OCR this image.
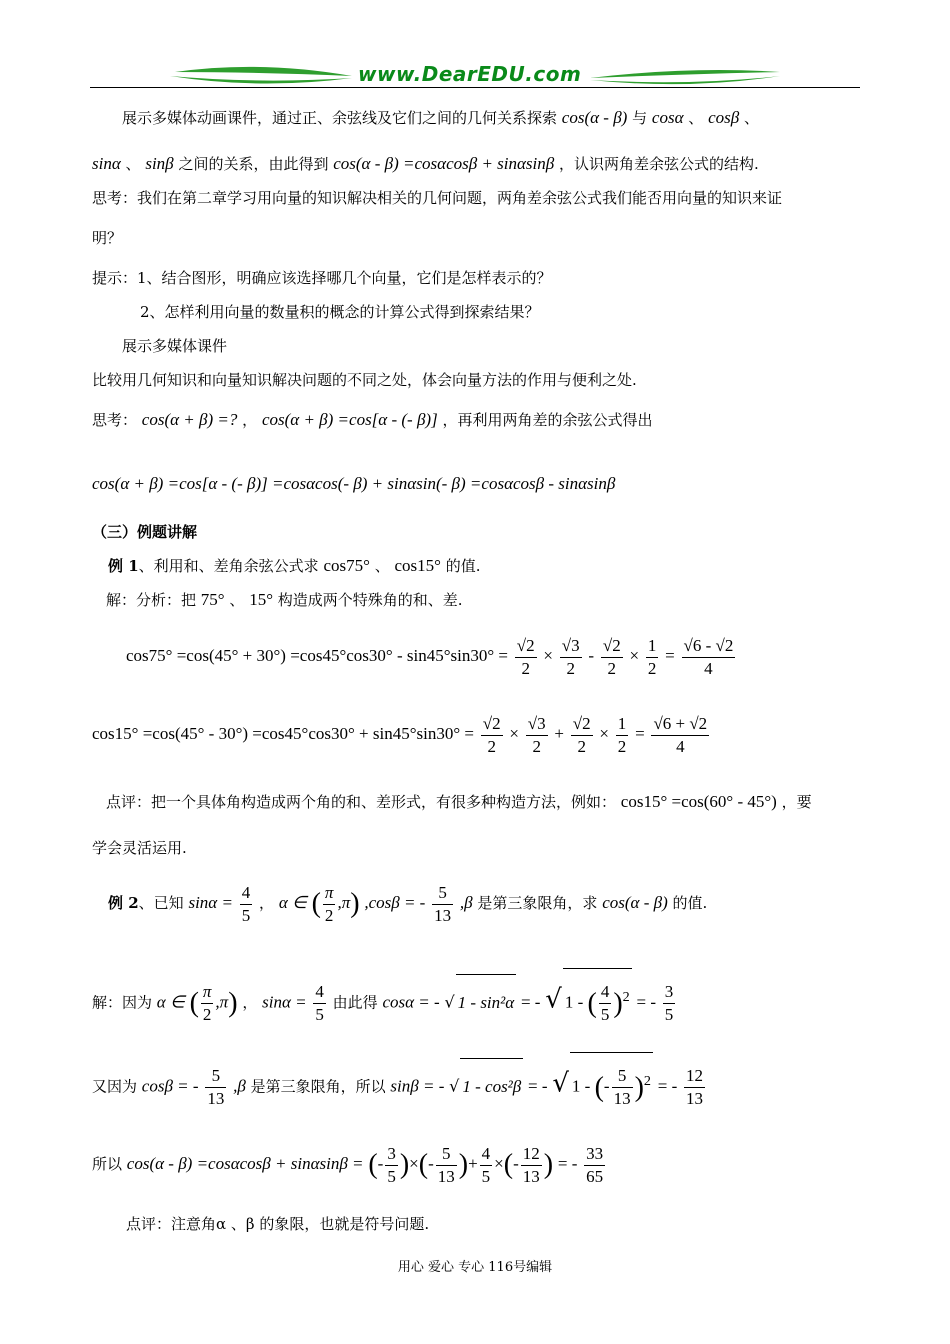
www.DearEDU.com
展示多媒体动画课件，通过正、余弦线及它们之间的几何关系探索 cos(α - β) 与 cosα 、 cosβ 、
sinα 、 sinβ 之间的关系，由此得到 cos(α - β) =cosαcosβ + sinαsinβ ，认识两角差余弦公式的结构.
思考：我们在第二章学习用向量的知识解决相关的几何问题，两角差余弦公式我们能否用向量的知识来证
明？
提示：1、结合图形，明确应该选择哪几个向量，它们是怎样表示的？
2、怎样利用向量的数量积的概念的计算公式得到探索结果？
展示多媒体课件
比较用几何知识和向量知识解决问题的不同之处，体会向量方法的作用与便利之处.
思考： cos(α + β) =? ， cos(α + β) =cos[α - (- β)] ，再利用两角差的余弦公式得出
cos(α + β) =cos[α - (- β)] =cosαcos(- β) + sinαsin(- β) =cosαcosβ - sinαsinβ
（三）例题讲解
例 1、利用和、差角余弦公式求 cos75° 、 cos15° 的值.
解：分析：把 75° 、 15° 构造成两个特殊角的和、差.
$\cos 75^\circ =\cos(45^\circ + 30^\circ) =\cos 45^\circ\cos 30^\circ - \sin 45^\circ\sin 30^\circ = \frac{√2}{2} \times \frac{√3}{2} - \frac{√2}{2} \times \frac{1}{2} = \frac{√6 - √2}{4}$
$\cos 15^\circ =\cos(45^\circ - 30^\circ) =\cos 45^\circ\cos 30^\circ + \sin 45^\circ\sin 30^\circ = \frac{√2}{2} \times \frac{√3}{2} + \frac{√2}{2} \times \frac{1}{2} = \frac{√6 + √2}{4}$
点评：把一个具体角构造成两个角的和、差形式，有很多种构造方法，例如： cos15° =cos(60° - 45°) ，要
学会灵活运用.
例 2、已知 $\sin\alpha = \frac{4}{5}$ ， α ∈ ( $\frac{\pi}{2} ,\pi$) ,cosβ = - $\frac{5}{13} ,\beta$ 是第三象限角，求 cos(α - β) 的值.
解：因为 α ∈ ( $\frac{\pi}{2} ,\pi$) ， $\sin\alpha = \frac{4}{5}$ 由此得 cosα = - √ 1 - sin²α = - √ 1 - ( $\frac{4}{5} )^2$ = - $\frac{3}{5}$
又因为 cosβ = - $\frac{5}{13} ,\beta$ 是第三象限角，所以 sinβ = - √ 1 - cos²β = - √ 1 - (- $\frac{5}{13} )^2$ = - $\frac{12}{13}$
所以 cos(α - β) =cosαcosβ + sinαsinβ = (- $\frac{3}{5}$ )×(- $\frac{5}{13}$ )+ $\frac{4}{5}$ ×(- $\frac{12}{13}$ ) = - $\frac{33}{65}$
点评：注意角α 、β 的象限，也就是符号问题.
用心 爱心 专心 116号编辑
